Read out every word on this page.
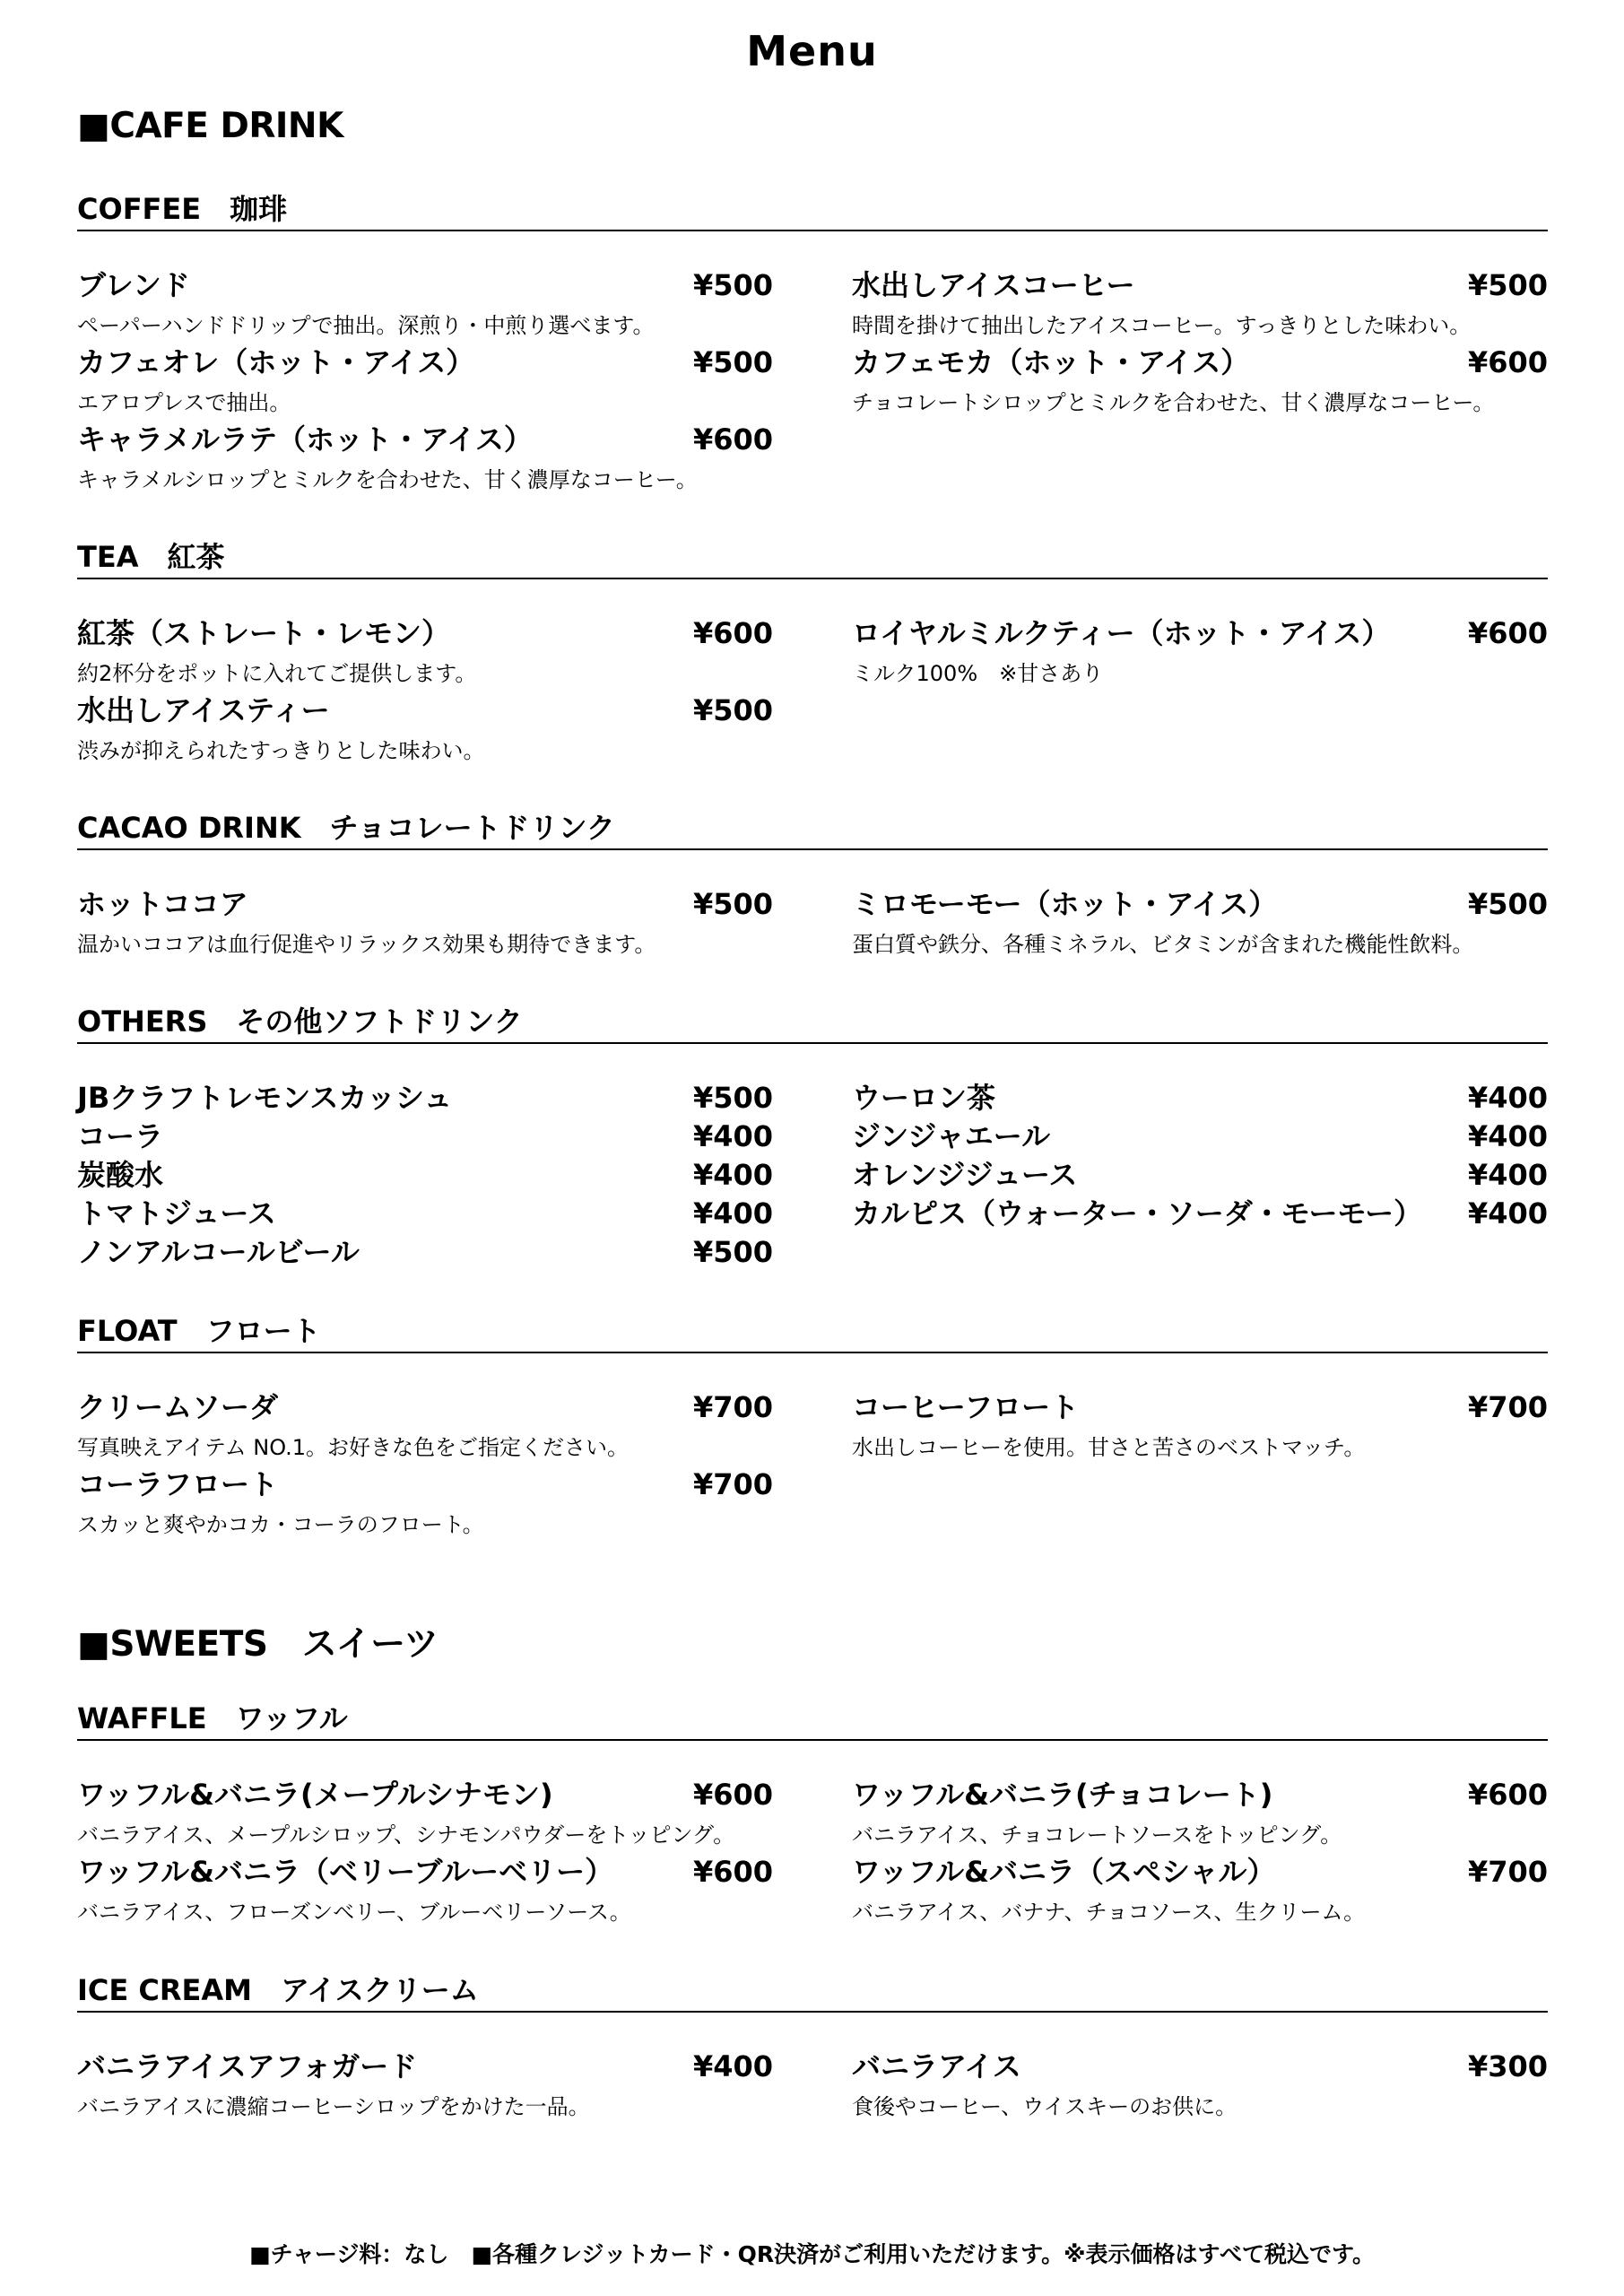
Menu
■CAFE DRINK
COFFEE　珈琲
ブレンド	¥500
ペーパーハンドドリップで抽出。深煎り・中煎り選べます。
カフェオレ（ホット・アイス）	¥500
エアロプレスで抽出。
キャラメルラテ（ホット・アイス）	¥600
キャラメルシロップとミルクを合わせた、甘く濃厚なコーヒー。
水出しアイスコーヒー	¥500
時間を掛けて抽出したアイスコーヒー。すっきりとした味わい。
カフェモカ（ホット・アイス）	¥600
チョコレートシロップとミルクを合わせた、甘く濃厚なコーヒー。
TEA　紅茶
紅茶（ストレート・レモン）	¥600
約2杯分をポットに入れてご提供します。
水出しアイスティー	¥500
渋みが抑えられたすっきりとした味わい。
ロイヤルミルクティー（ホット・アイス）	¥600
ミルク100%　※甘さあり
CACAO DRINK　チョコレートドリンク
ホットココア	¥500
温かいココアは血行促進やリラックス効果も期待できます。
ミロモーモー（ホット・アイス）	¥500
蛋白質や鉄分、各種ミネラル、ビタミンが含まれた機能性飲料。
OTHERS　その他ソフトドリンク
JBクラフトレモンスカッシュ	¥500
コーラ	¥400
炭酸水	¥400
トマトジュース	¥400
ノンアルコールビール	¥500
ウーロン茶	¥400
ジンジャエール	¥400
オレンジジュース	¥400
カルピス（ウォーター・ソーダ・モーモー） ¥400
FLOAT　フロート
クリームソーダ	¥700
写真映えアイテム NO.1。お好きな色をご指定ください。
コーラフロート	¥700
スカッと爽やかコカ・コーラのフロート。
コーヒーフロート	¥700
水出しコーヒーを使用。甘さと苦さのベストマッチ。
■SWEETS　スイーツ
WAFFLE　ワッフル
ワッフル&バニラ(メープルシナモン)	¥600
バニラアイス、メープルシロップ、シナモンパウダーをトッピング。
ワッフル&バニラ（ベリーブルーベリー）	¥600
バニラアイス、フローズンベリー、ブルーベリーソース。
ワッフル&バニラ(チョコレート)	¥600
バニラアイス、チョコレートソースをトッピング。
ワッフル&バニラ（スペシャル）	¥700
バニラアイス、バナナ、チョコソース、生クリーム。
ICE CREAM　アイスクリーム
バニラアイスアフォガード	¥400
バニラアイスに濃縮コーヒーシロップをかけた一品。
バニラアイス	¥300
食後やコーヒー、ウイスキーのお供に。
■チャージ料：なし　■各種クレジットカード・QR決済がご利用いただけます。※表示価格はすべて税込です。
